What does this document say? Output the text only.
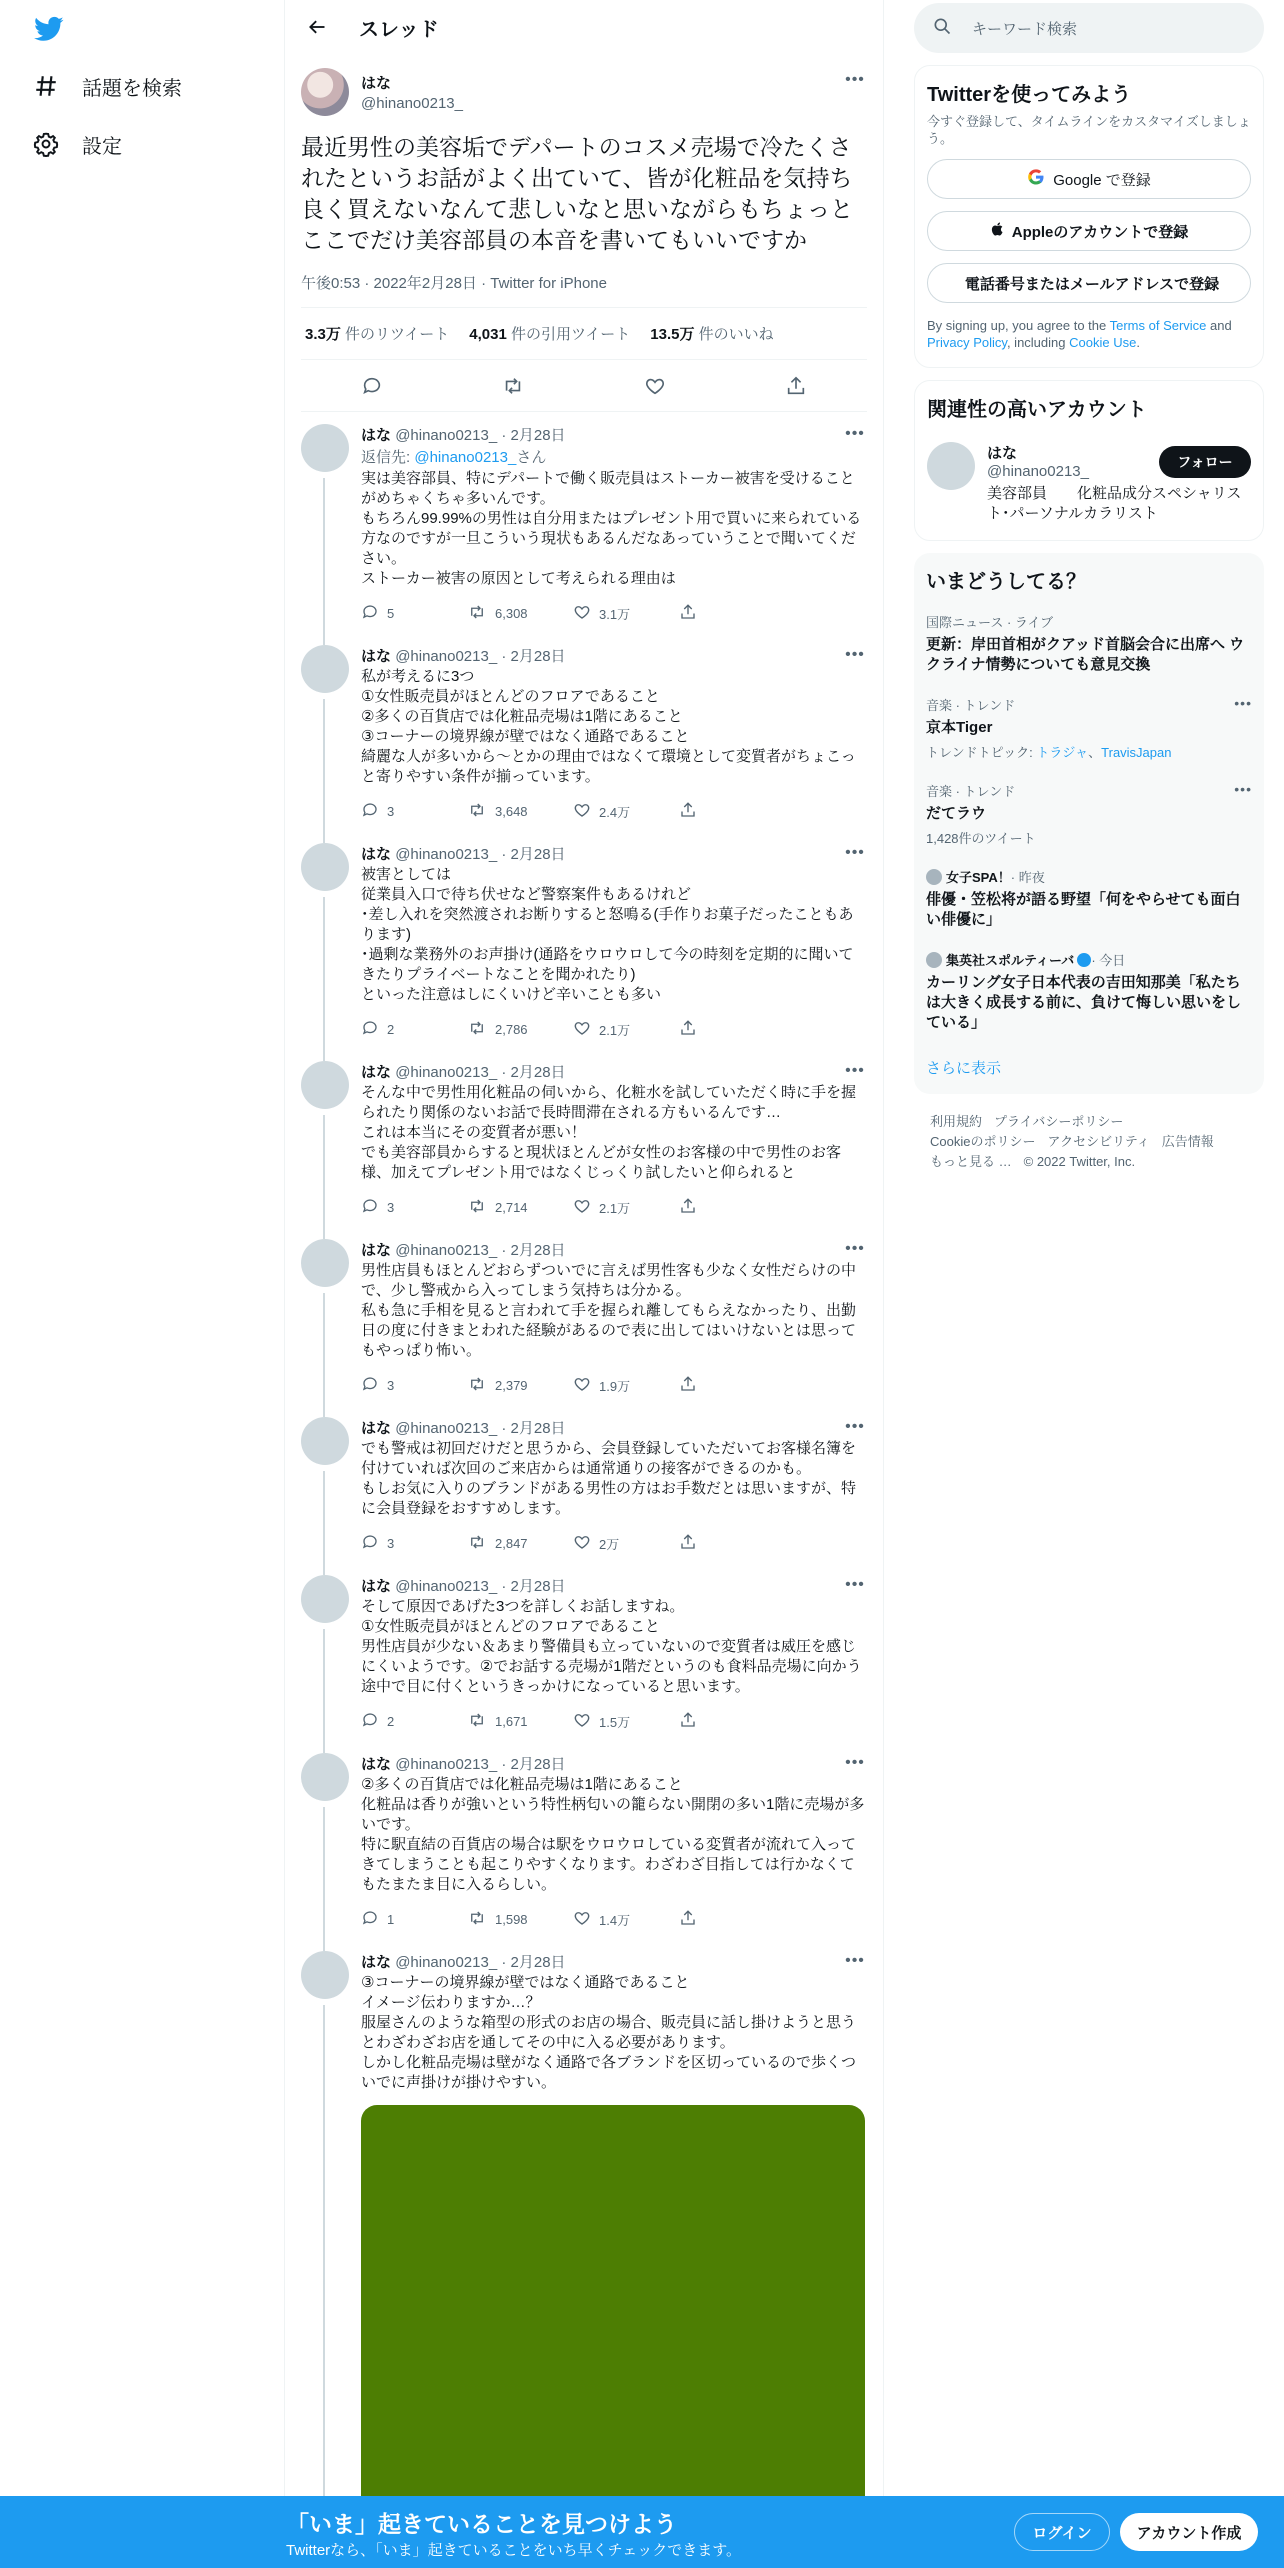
話題を検索
設定
スレッド
はな
@hinano0213_
•••
最近男性の美容垢でデパートのコスメ売場で冷たくされたというお話がよく出ていて、皆が化粧品を気持ち良く買えないなんて悲しいなと思いながらもちょっとここでだけ美容部員の本音を書いてもいいですか
午後0:53 · 2022年2月28日 · Twitter for iPhone
3.3万 件のリツイート 4,031 件の引用ツイート 13.5万 件のいいね
はな @hinano0213_ · 2月28日	•••
返信先: @hinano0213_さん
実は美容部員、特にデパートで働く販売員はストーカー被害を受けることがめちゃくちゃ多いんです。
もちろん99.99%の男性は自分用またはプレゼント用で買いに来られている方なのですが一旦こういう現状もあるんだなあっていうことで聞いてください。
ストーカー被害の原因として考えられる理由は
5	6,308	3.1万
はな @hinano0213_ · 2月28日	•••
私が考えるに3つ
①女性販売員がほとんどのフロアであること
②多くの百貨店では化粧品売場は1階にあること
③コーナーの境界線が壁ではなく通路であること
綺麗な人が多いから〜とかの理由ではなくて環境として変質者がちょこっと寄りやすい条件が揃っています。
3	3,648	2.4万
はな @hinano0213_ · 2月28日	•••
被害としては
従業員入口で待ち伏せなど警察案件もあるけれど
･差し入れを突然渡されお断りすると怒鳴る(手作りお菓子だったこともあります)
･過剰な業務外のお声掛け(通路をウロウロして今の時刻を定期的に聞いてきたりプライベートなことを聞かれたり)
といった注意はしにくいけど辛いことも多い
2	2,786	2.1万
はな @hinano0213_ · 2月28日	•••
そんな中で男性用化粧品の伺いから、化粧水を試していただく時に手を握られたり関係のないお話で長時間滞在される方もいるんです…
これは本当にその変質者が悪い！
でも美容部員からすると現状ほとんどが女性のお客様の中で男性のお客様、加えてプレゼント用ではなくじっくり試したいと仰られると
3	2,714	2.1万
はな @hinano0213_ · 2月28日	•••
男性店員もほとんどおらずついでに言えば男性客も少なく女性だらけの中で、少し警戒から入ってしまう気持ちは分かる。
私も急に手相を見ると言われて手を握られ離してもらえなかったり、出勤日の度に付きまとわれた経験があるので表に出してはいけないとは思ってもやっぱり怖い。
3	2,379	1.9万
はな @hinano0213_ · 2月28日	•••
でも警戒は初回だけだと思うから、会員登録していただいてお客様名簿を付けていれば次回のご来店からは通常通りの接客ができるのかも。
もしお気に入りのブランドがある男性の方はお手数だとは思いますが、特に会員登録をおすすめします。
3	2,847	2万
はな @hinano0213_ · 2月28日	•••
そして原因であげた3つを詳しくお話しますね。
①女性販売員がほとんどのフロアであること
男性店員が少ない＆あまり警備員も立っていないので変質者は威圧を感じにくいようです。②でお話する売場が1階だというのも食料品売場に向かう途中で目に付くというきっかけになっていると思います。
2	1,671	1.5万
はな @hinano0213_ · 2月28日	•••
②多くの百貨店では化粧品売場は1階にあること
化粧品は香りが強いという特性柄匂いの籠らない開閉の多い1階に売場が多いです。
特に駅直結の百貨店の場合は駅をウロウロしている変質者が流れて入ってきてしまうことも起こりやすくなります。わざわざ目指しては行かなくてもたまたま目に入るらしい。
1	1,598	1.4万
はな @hinano0213_ · 2月28日	•••
③コーナーの境界線が壁ではなく通路であること
イメージ伝わりますか…？
服屋さんのような箱型の形式のお店の場合、販売員に話し掛けようと思うとわざわざお店を通してその中に入る必要があります。
しかし化粧品売場は壁がなく通路で各ブランドを区切っているので歩くついでに声掛けが掛けやすい。
キーワード検索
Twitterを使ってみよう
今すぐ登録して、タイムラインをカスタマイズしましょう。
Google で登録
Appleのアカウントで登録
電話番号またはメールアドレスで登録
By signing up, you agree to the Terms of Service and Privacy Policy, including Cookie Use.
関連性の高いアカウント
はな
@hinano0213_
美容部員　　化粧品成分スペシャリスト･パーソナルカラリスト
フォロー
いまどうしてる？
国際ニュース · ライブ
更新：岸田首相がクアッド首脳会合に出席へ ウクライナ情勢についても意見交換
音楽 · トレンド	•••
京本Tiger
トレンドトピック: トラジャ、TravisJapan
音楽 · トレンド	•••
だてラウ
1,428件のツイート
女子SPA！ · 昨夜
俳優・笠松将が語る野望「何をやらせても面白い俳優に」
集英社スポルティーバ · 今日
カーリング女子日本代表の吉田知那美「私たちは大きく成長する前に、負けて悔しい思いをしている」
さらに表示
利用規約 プライバシーポリシー
Cookieのポリシー アクセシビリティ 広告情報
もっと見る … © 2022 Twitter, Inc.
「いま」起きていることを見つけよう
Twitterなら、「いま」起きていることをいち早くチェックできます。
ログイン	アカウント作成
